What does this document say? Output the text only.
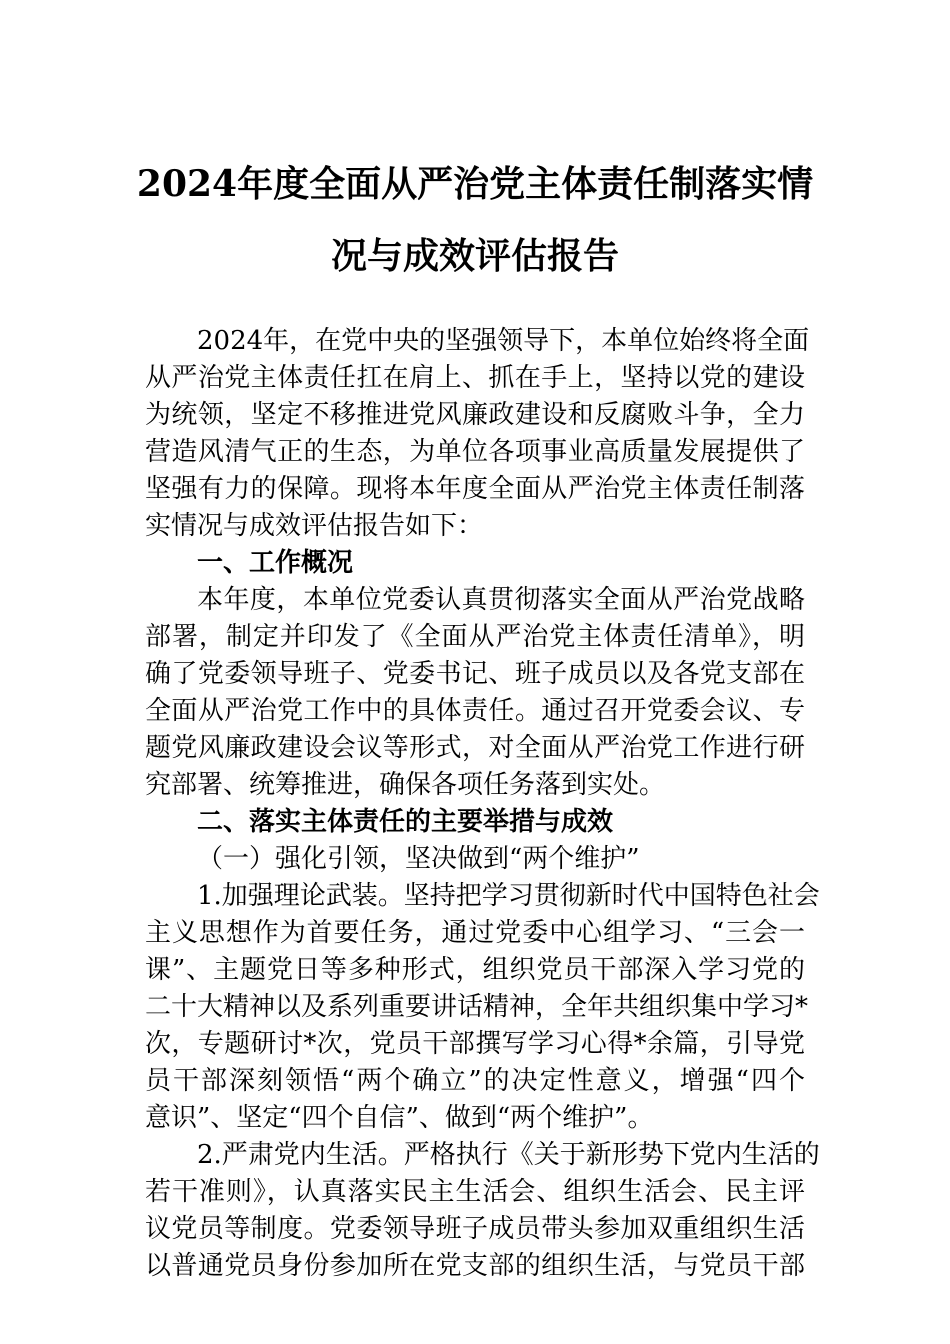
2024年度全面从严治党主体责任制落实情
况与成效评估报告
2024年，在党中央的坚强领导下，本单位始终将全面
从严治党主体责任扛在肩上、抓在手上，坚持以党的建设
为统领，坚定不移推进党风廉政建设和反腐败斗争，全力
营造风清气正的生态，为单位各项事业高质量发展提供了
坚强有力的保障。现将本年度全面从严治党主体责任制落
实情况与成效评估报告如下：
一、工作概况
本年度，本单位党委认真贯彻落实全面从严治党战略
部署，制定并印发了《全面从严治党主体责任清单》，明
确了党委领导班子、党委书记、班子成员以及各党支部在
全面从严治党工作中的具体责任。通过召开党委会议、专
题党风廉政建设会议等形式，对全面从严治党工作进行研
究部署、统筹推进，确保各项任务落到实处。
二、落实主体责任的主要举措与成效
（一）强化引领，坚决做到“两个维护”
1.加强理论武装。坚持把学习贯彻新时代中国特色社会
主义思想作为首要任务，通过党委中心组学习、“三会一
课”、主题党日等多种形式，组织党员干部深入学习党的
二十大精神以及系列重要讲话精神，全年共组织集中学习*
次，专题研讨*次，党员干部撰写学习心得*余篇，引导党
员干部深刻领悟“两个确立”的决定性意义，增强“四个
意识”、坚定“四个自信”、做到“两个维护”。
2.严肃党内生活。严格执行《关于新形势下党内生活的
若干准则》，认真落实民主生活会、组织生活会、民主评
议党员等制度。党委领导班子成员带头参加双重组织生活
以普通党员身份参加所在党支部的组织生活，与党员干部
